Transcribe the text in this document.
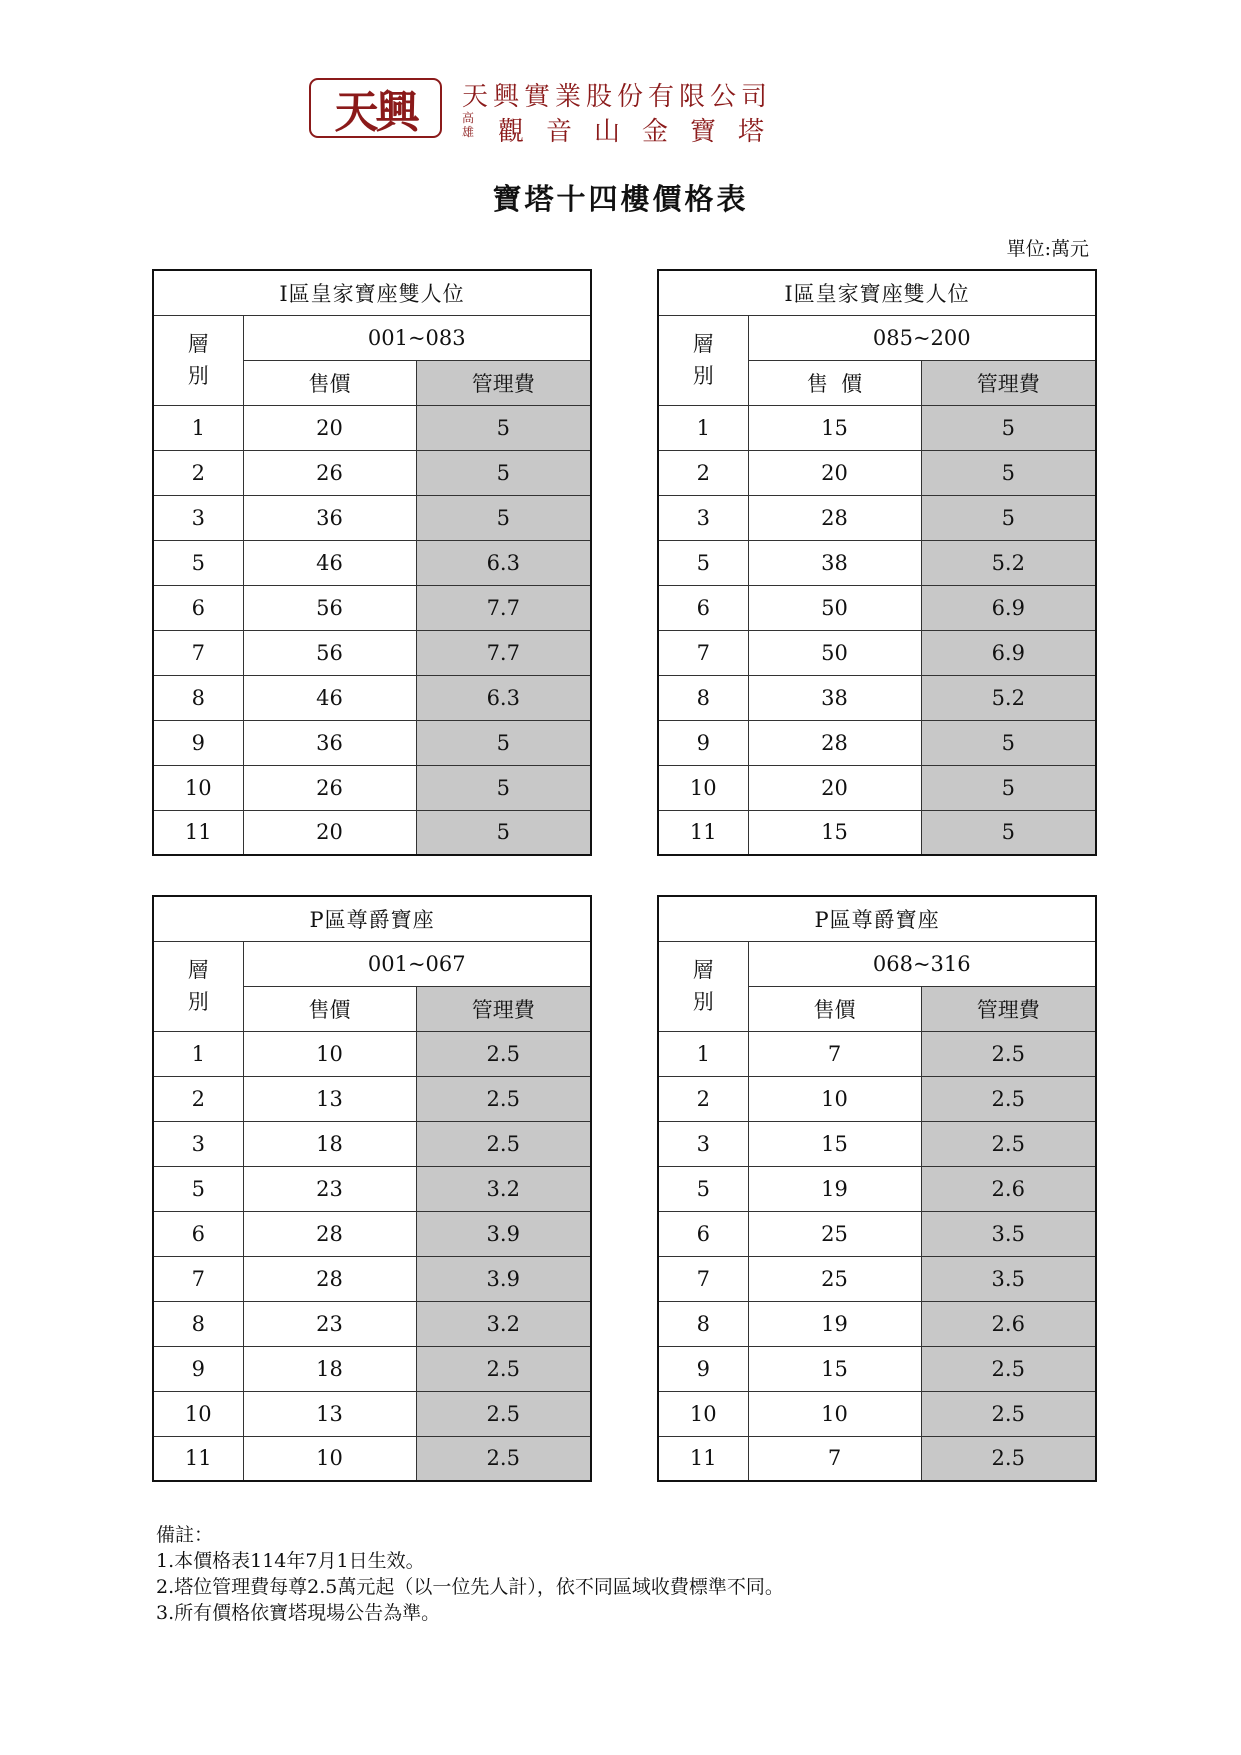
天興	天興實業股份有限公司
高雄 觀音山金寶塔
寶塔十四樓價格表
單位:萬元
I區皇家寶座雙人位		

層
別	001~083	
	售價	管理費
1	20	5
2	26	5
3	36	5
5	46	6.3
6	56	7.7
7	56	7.7
8	46	6.3
9	36	5
10	26	5
11	20	5
I區皇家寶座雙人位		

層
別	085~200	
	售  價	管理費
1	15	5
2	20	5
3	28	5
5	38	5.2
6	50	6.9
7	50	6.9
8	38	5.2
9	28	5
10	20	5
11	15	5
P區尊爵寶座		

層
別	001~067	
	售價	管理費
1	10	2.5
2	13	2.5
3	18	2.5
5	23	3.2
6	28	3.9
7	28	3.9
8	23	3.2
9	18	2.5
10	13	2.5
11	10	2.5
P區尊爵寶座		

層
別	068~316	
	售價	管理費
1	7	2.5
2	10	2.5
3	15	2.5
5	19	2.6
6	25	3.5
7	25	3.5
8	19	2.6
9	15	2.5
10	10	2.5
11	7	2.5
備註：
1.本價格表114年7月1日生效。
2.塔位管理費每尊2.5萬元起（以一位先人計），依不同區域收費標準不同。
3.所有價格依寶塔現場公告為準。
